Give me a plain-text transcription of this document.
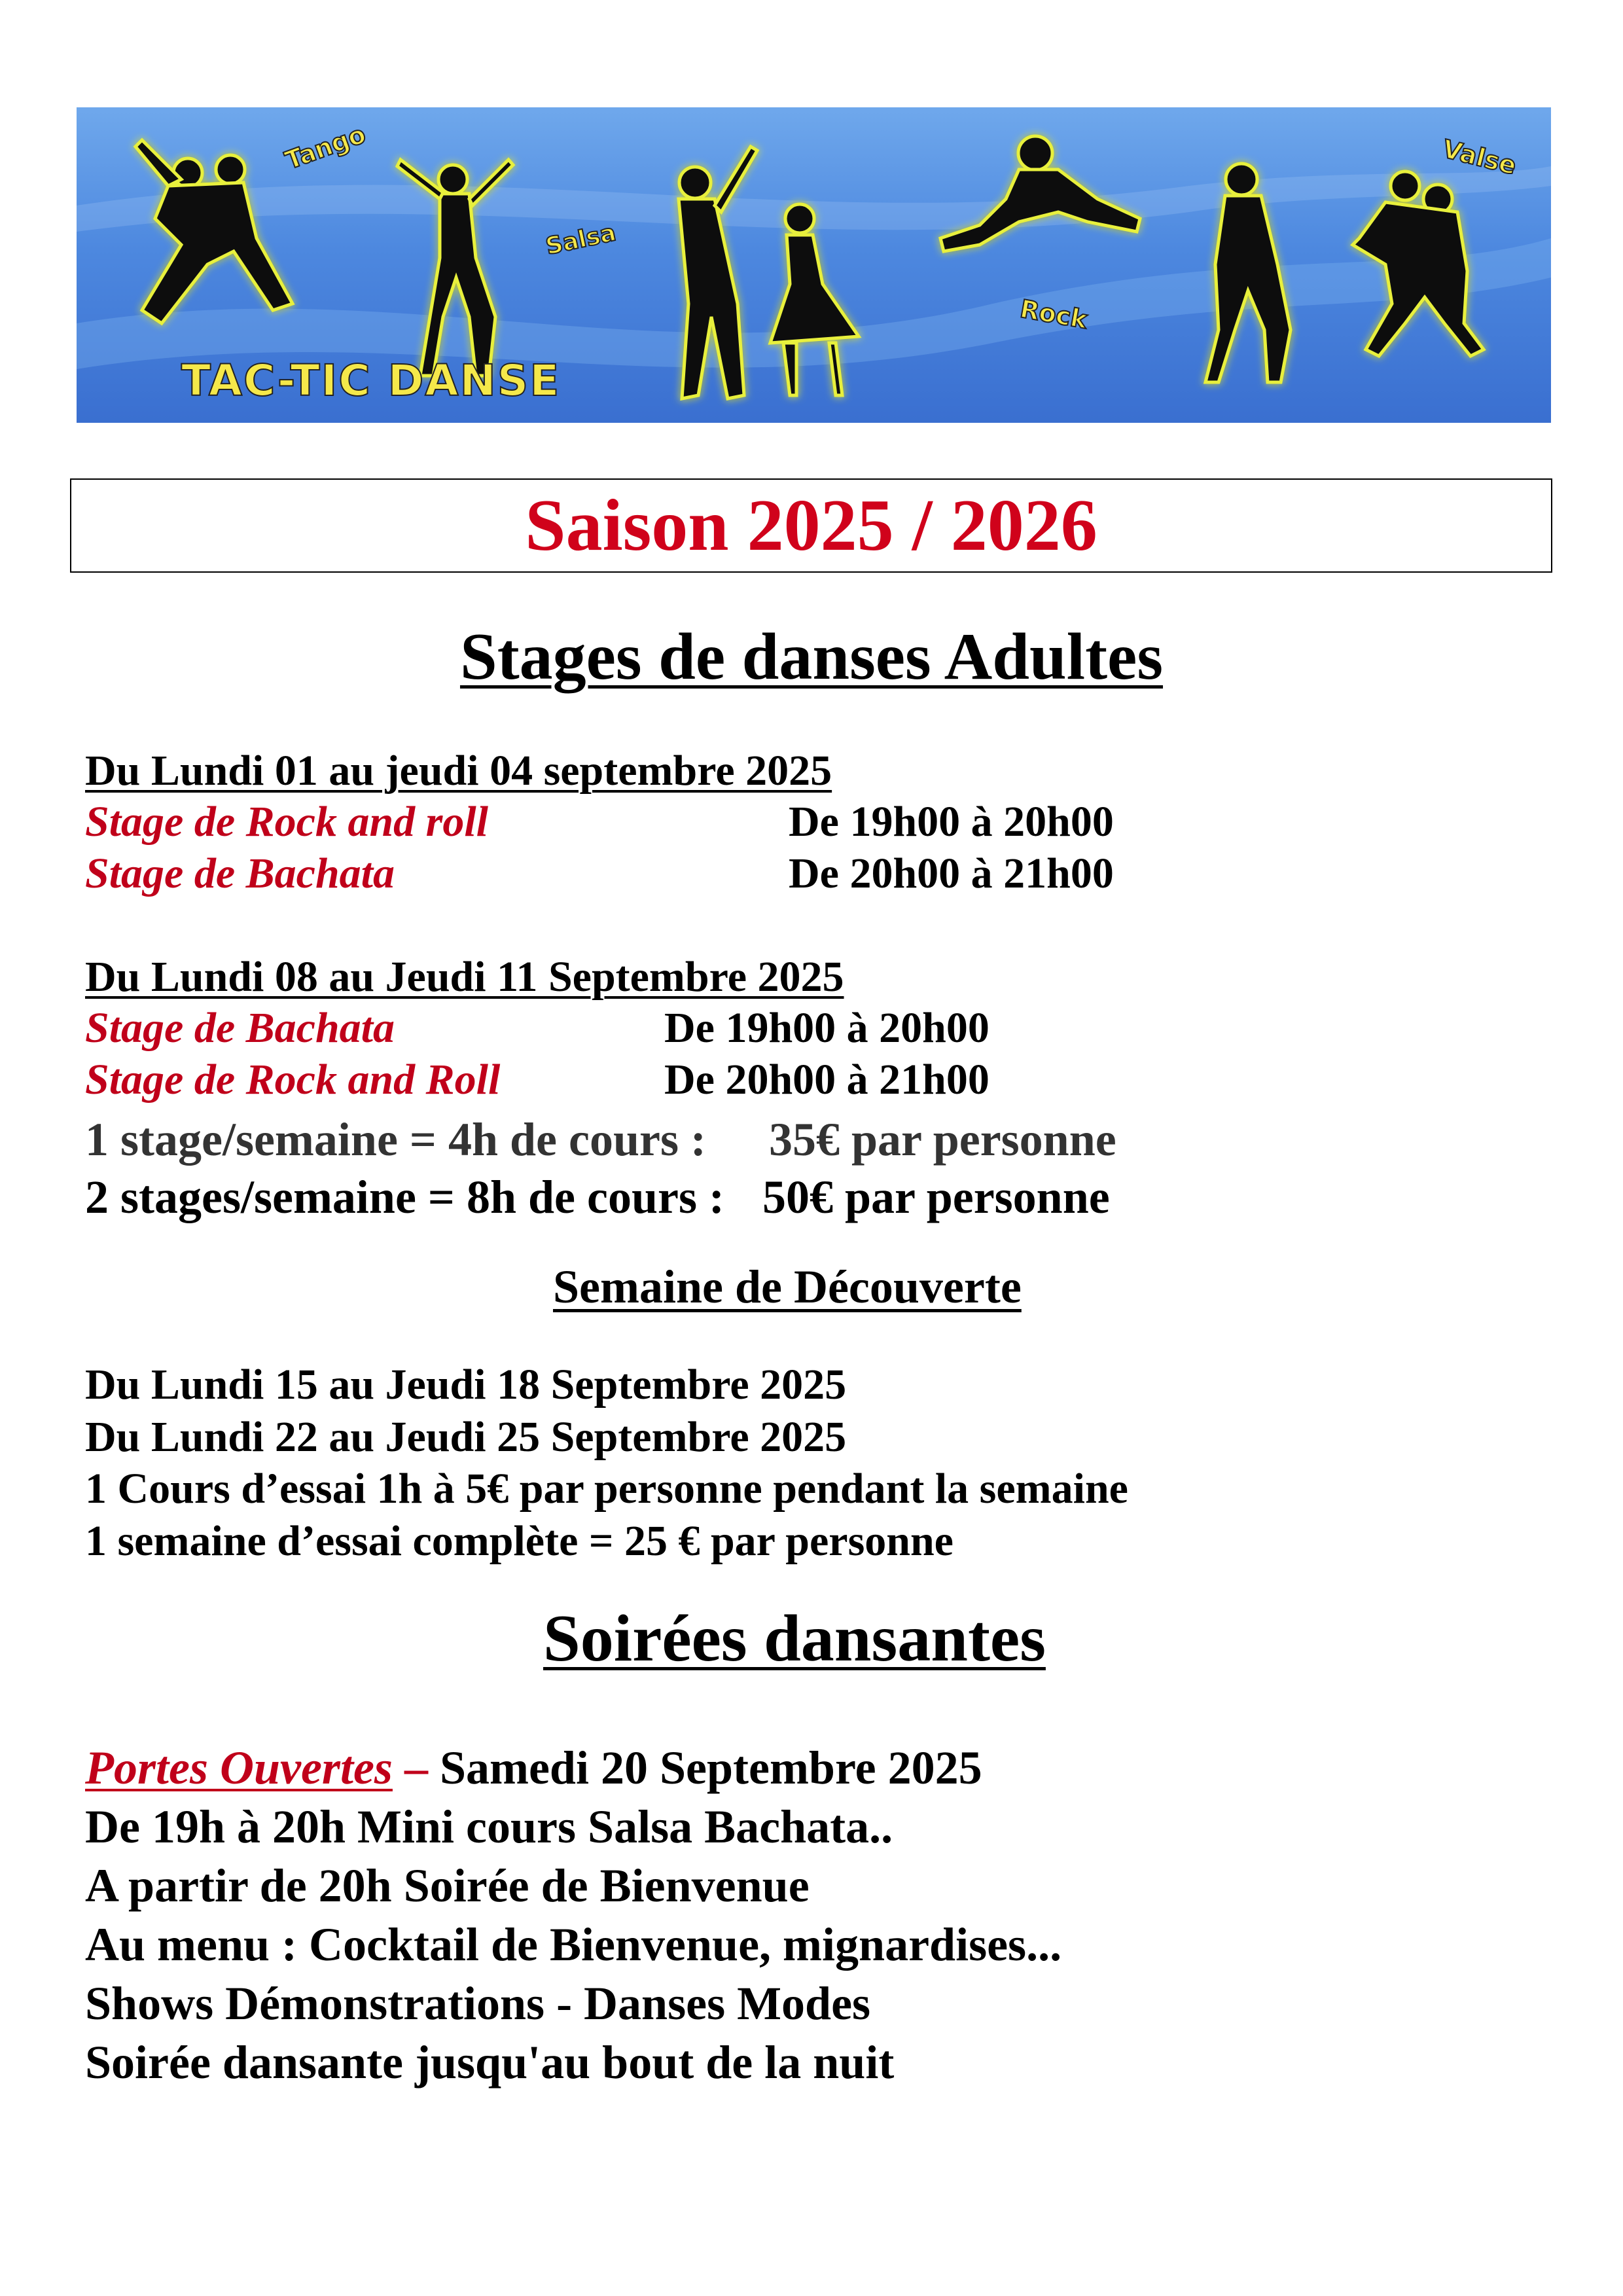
Tango
Salsa
Rock
Valse
TAC-TIC DANSE
Saison 2025 / 2026
Stages de danses Adultes
Du Lundi 01 au jeudi 04 septembre 2025
Stage de Rock and roll	De 19h00 à 20h00
Stage de Bachata	De 20h00 à 21h00
Du Lundi 08 au Jeudi 11 Septembre 2025
Stage de Bachata	De 19h00 à 20h00
Stage de Rock and Roll	De 20h00 à 21h00
1 stage/semaine = 4h de cours : 35€ par personne
2 stages/semaine = 8h de cours : 50€ par personne
Semaine de Découverte
Du Lundi 15 au Jeudi 18 Septembre 2025
Du Lundi 22 au Jeudi 25 Septembre 2025
1 Cours d’essai 1h à 5€ par personne pendant la semaine
1 semaine d’essai complète = 25 € par personne
Soirées dansantes
Portes Ouvertes – Samedi 20 Septembre 2025
De 19h à 20h Mini cours Salsa Bachata..
A partir de 20h Soirée de Bienvenue
Au menu : Cocktail de Bienvenue, mignardises...
Shows Démonstrations - Danses Modes
Soirée dansante jusqu'au bout de la nuit
